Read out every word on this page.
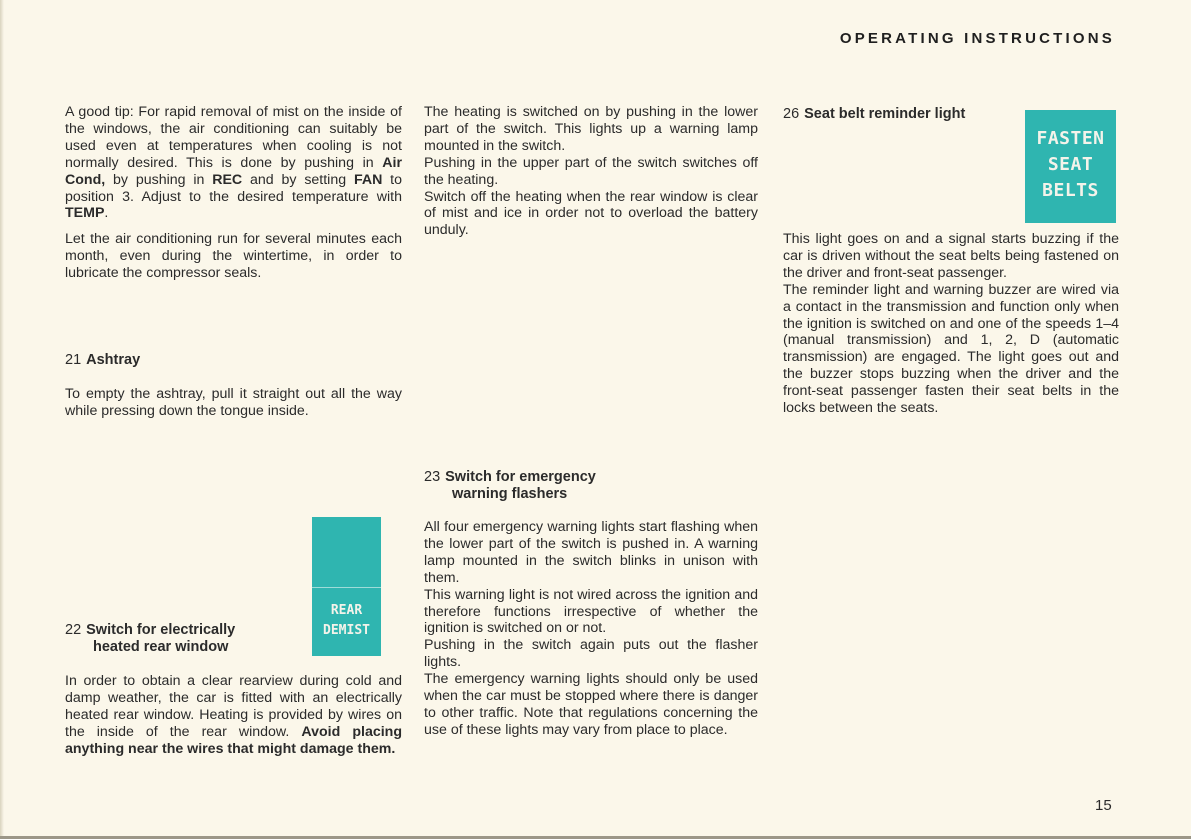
OPERATING INSTRUCTIONS

A good tip: For rapid removal of mist on the inside of the windows, the air conditioning can suitably be used even at temperatures when cooling is not normally desired. This is done by pushing in Air Cond, by pushing in REC and by setting FAN to position 3. Adjust to the desired temperature with TEMP.

Let the air conditioning run for several minutes each month, even during the wintertime, in order to lubricate the compressor seals.

21 Ashtray

To empty the ashtray, pull it straight out all the way while pressing down the tongue inside.

REAR
DEMIST
22 Switch for electrically
heated rear window

In order to obtain a clear rearview during cold and damp weather, the car is fitted with an electrically heated rear window. Heating is provided by wires on the inside of the rear window. Avoid placing anything near the wires that might damage them.

The heating is switched on by pushing in the lower part of the switch. This lights up a warning lamp mounted in the switch.

Pushing in the upper part of the switch switches off the heating.

Switch off the heating when the rear window is clear of mist and ice in order not to overload the battery unduly.

23 Switch for emergency
warning flashers

All four emergency warning lights start flashing when the lower part of the switch is pushed in. A warning lamp mounted in the switch blinks in unison with them.

This warning light is not wired across the ignition and therefore functions irrespective of whether the ignition is switched on or not.

Pushing in the switch again puts out the flasher lights.

The emergency warning lights should only be used when the car must be stopped where there is danger to other traffic. Note that regulations concerning the use of these lights may vary from place to place.

26 Seat belt reminder light
FASTEN
SEAT
BELTS

This light goes on and a signal starts buzzing if the car is driven without the seat belts being fastened on the driver and front-seat passenger.

The reminder light and warning buzzer are wired via a contact in the transmission and function only when the ignition is switched on and one of the speeds 1–4 (manual transmission) and 1, 2, D (automatic transmission) are engaged. The light goes out and the buzzer stops buzzing when the driver and the front-seat passenger fasten their seat belts in the locks between the seats.

15
